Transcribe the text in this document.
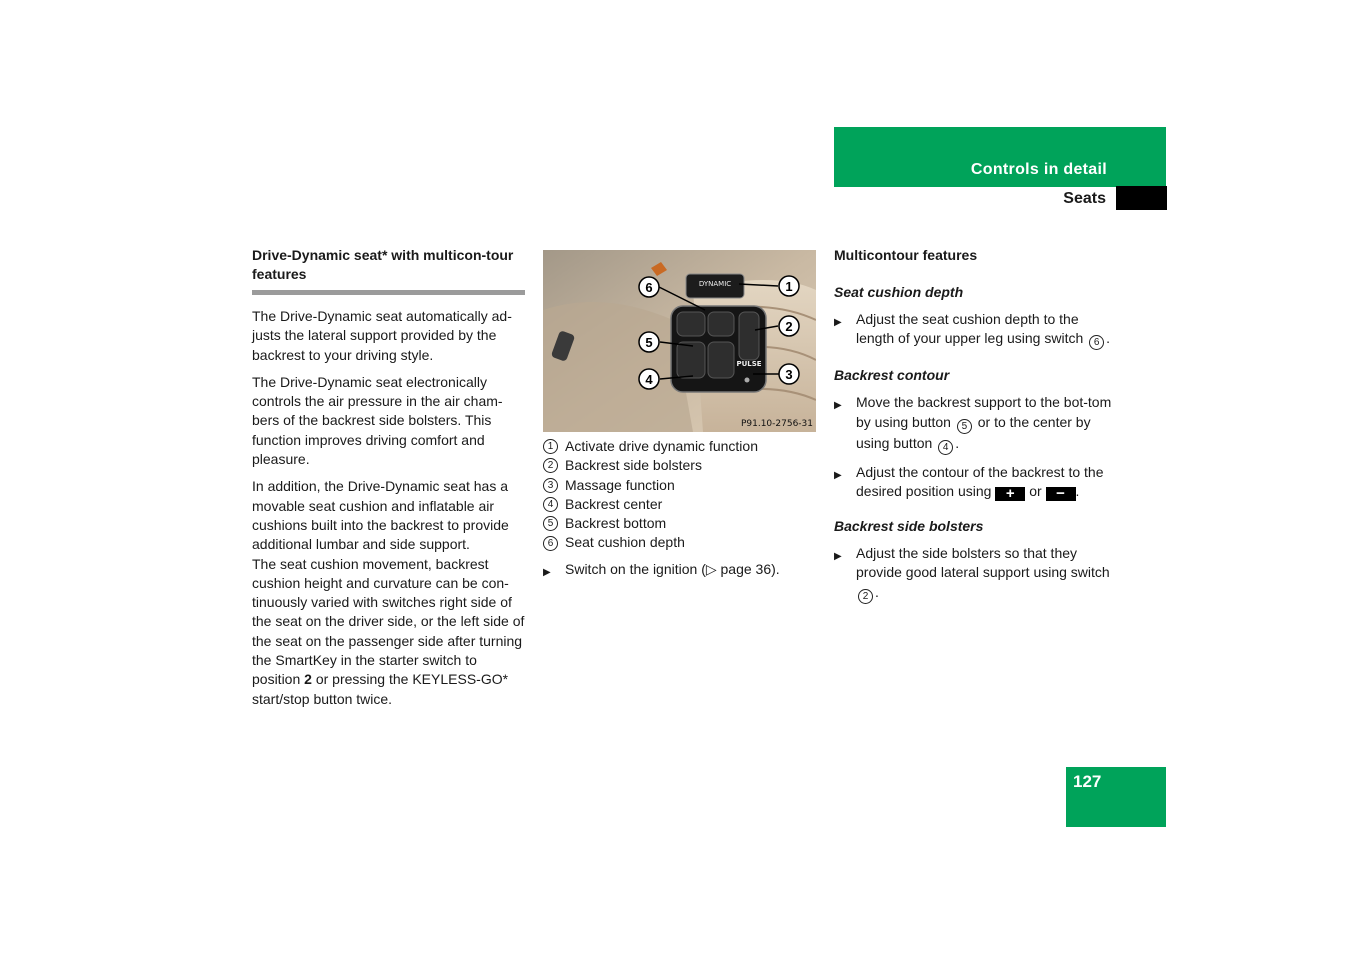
Controls in detail
Seats
Drive-Dynamic seat* with multicon-tour features

The Drive-Dynamic seat automatically ad-justs the lateral support provided by the backrest to your driving style.

The Drive-Dynamic seat electronically controls the air pressure in the air cham-bers of the backrest side bolsters. This function improves driving comfort and pleasure.

In addition, the Drive-Dynamic seat has a movable seat cushion and inflatable air cushions built into the backrest to provide additional lumbar and side support.

The seat cushion movement, backrest cushion height and curvature can be con-tinuously varied with switches right side of the seat on the driver side, or the left side of the seat on the passenger side after turning the SmartKey in the starter switch to position 2 or pressing the KEYLESS-GO* start/stop button twice.

DYNAMIC
PULSE
6	1
2
5
4	3
P91.10-2756-31
1 Activate drive dynamic function
2 Backrest side bolsters
3 Massage function
4 Backrest center
5 Backrest bottom
6 Seat cushion depth
▶	Switch on the ignition (▷ page 36).
Multicontour features
Seat cushion depth
▶	Adjust the seat cushion depth to the length of your upper leg using switch 6 .
Backrest contour
▶	Move the backrest support to the bot-tom by using button 5 or to the center by using button 4 .
▶	Adjust the contour of the backrest to the desired position using + or − .
Backrest side bolsters
▶	Adjust the side bolsters so that they provide good lateral support using switch 2 .
127
